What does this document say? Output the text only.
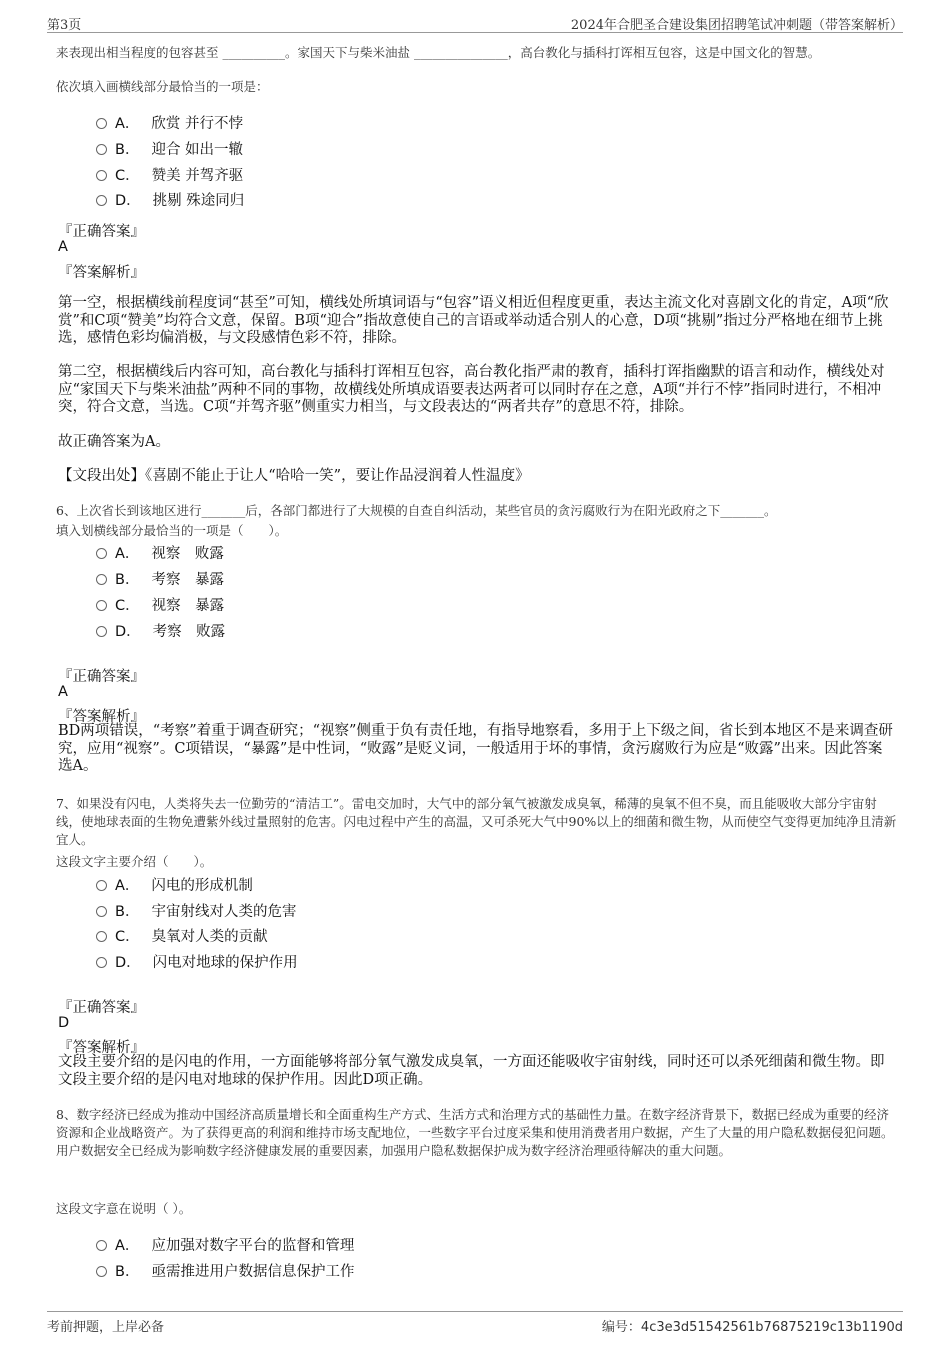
第3页	2024年合肥圣合建设集团招聘笔试冲刺题（带答案解析）
来表现出相当程度的包容甚至 __________。家国天下与柴米油盐 _______________，高台教化与插科打诨相互包容，这是中国文化的智慧。
依次填入画横线部分最恰当的一项是：
A． 欣赏 并行不悖
B． 迎合 如出一辙
C． 赞美 并驾齐驱
D． 挑剔 殊途同归
『正确答案』
A
『答案解析』
第一空，根据横线前程度词“甚至”可知，横线处所填词语与“包容”语义相近但程度更重，表达主流文化对喜剧文化的肯定，A项“欣赏”和C项“赞美”均符合文意，保留。B项“迎合”指故意使自己的言语或举动适合别人的心意，D项“挑剔”指过分严格地在细节上挑选，感情色彩均偏消极，与文段感情色彩不符，排除。
第二空，根据横线后内容可知，高台教化与插科打诨相互包容，高台教化指严肃的教育，插科打诨指幽默的语言和动作，横线处对应“家国天下与柴米油盐”两种不同的事物，故横线处所填成语要表达两者可以同时存在之意，A项“并行不悖”指同时进行，不相冲突，符合文意，当选。C项“并驾齐驱”侧重实力相当，与文段表达的“两者共存”的意思不符，排除。
故正确答案为A。
【文段出处】《喜剧不能止于让人“哈哈一笑”，要让作品浸润着人性温度》
6、上次省长到该地区进行_______后，各部门都进行了大规模的自查自纠活动，某些官员的贪污腐败行为在阳光政府之下_______。
填入划横线部分最恰当的一项是（　　）。
A． 视察　败露
B． 考察　暴露
C． 视察　暴露
D． 考察　败露
『正确答案』
A
『答案解析』
BD两项错误，“考察”着重于调查研究；“视察”侧重于负有责任地，有指导地察看，多用于上下级之间，省长到本地区不是来调查研究，应用“视察”。C项错误，“暴露”是中性词，“败露”是贬义词，一般适用于坏的事情，贪污腐败行为应是“败露”出来。因此答案选A。
7、如果没有闪电，人类将失去一位勤劳的“清洁工”。雷电交加时，大气中的部分氧气被激发成臭氧，稀薄的臭氧不但不臭，而且能吸收大部分宇宙射线，使地球表面的生物免遭紫外线过量照射的危害。闪电过程中产生的高温，又可杀死大气中90%以上的细菌和微生物，从而使空气变得更加纯净且清新宜人。
这段文字主要介绍（　　）。
A． 闪电的形成机制
B． 宇宙射线对人类的危害
C． 臭氧对人类的贡献
D． 闪电对地球的保护作用
『正确答案』
D
『答案解析』
文段主要介绍的是闪电的作用，一方面能够将部分氧气激发成臭氧，一方面还能吸收宇宙射线，同时还可以杀死细菌和微生物。即文段主要介绍的是闪电对地球的保护作用。因此D项正确。
8、数字经济已经成为推动中国经济高质量增长和全面重构生产方式、生活方式和治理方式的基础性力量。在数字经济背景下，数据已经成为重要的经济资源和企业战略资产。为了获得更高的利润和维持市场支配地位，一些数字平台过度采集和使用消费者用户数据，产生了大量的用户隐私数据侵犯问题。用户数据安全已经成为影响数字经济健康发展的重要因素，加强用户隐私数据保护成为数字经济治理亟待解决的重大问题。
这段文字意在说明（ ）。
A． 应加强对数字平台的监督和管理
B． 亟需推进用户数据信息保护工作
考前押题，上岸必备	编号：4c3e3d51542561b76875219c13b1190d
